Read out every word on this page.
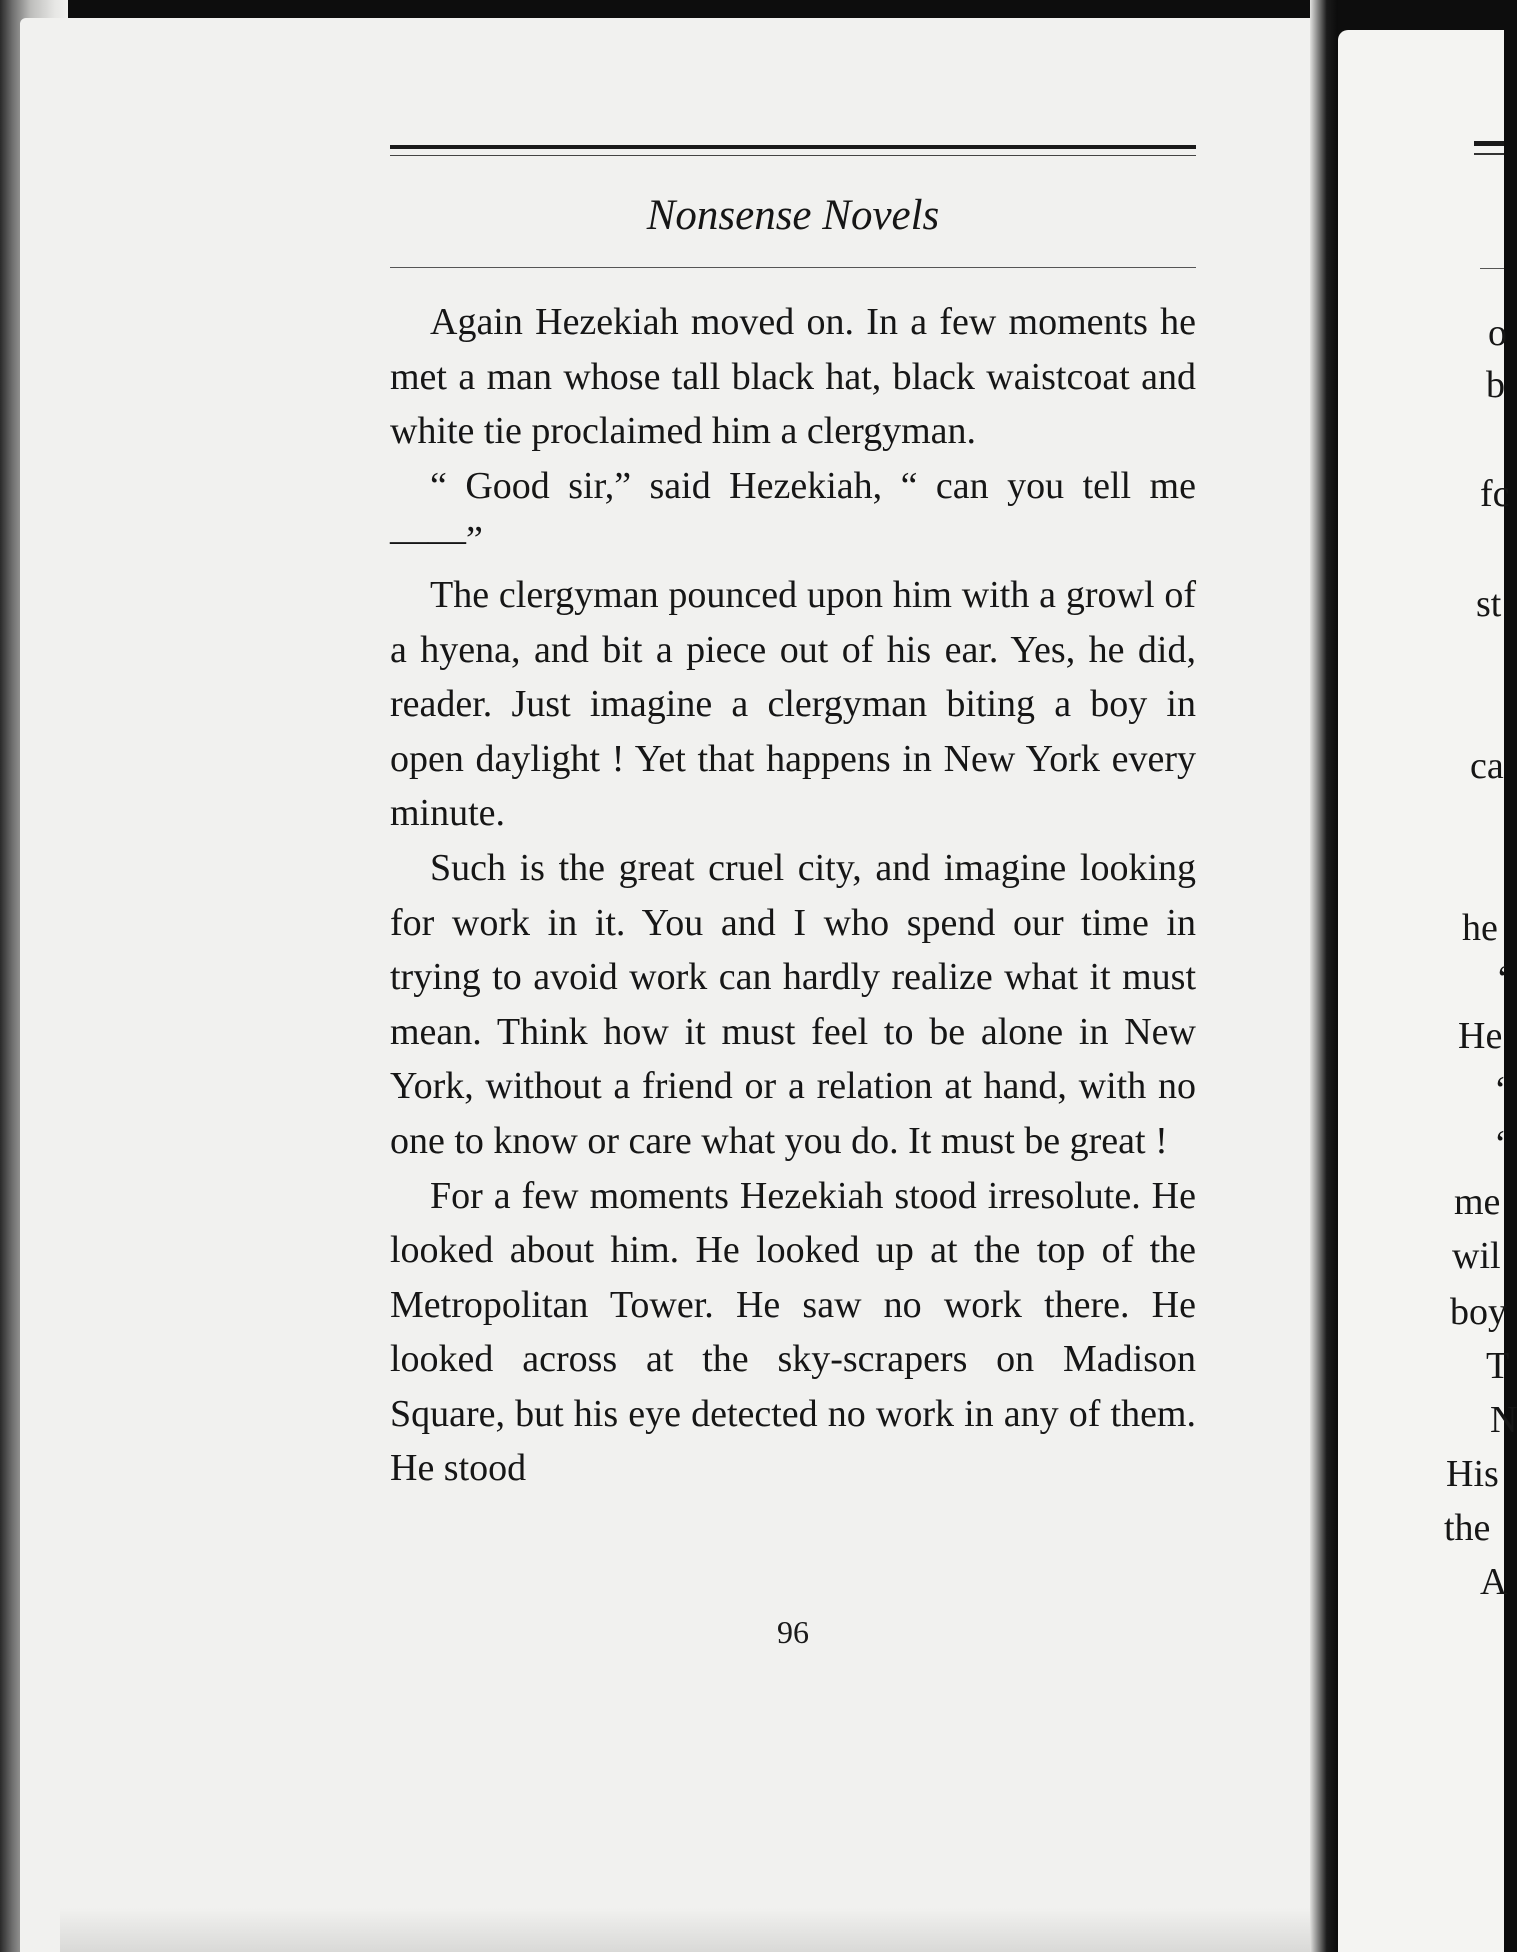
Nonsense Novels

Again Hezekiah moved on. In a few moments he met a man whose tall black hat, black waistcoat and white tie proclaimed him a clergyman.

“ Good sir,” said Hezekiah, “ can you tell me——”

The clergyman pounced upon him with a growl of a hyena, and bit a piece out of his ear. Yes, he did, reader. Just imagine a clergyman biting a boy in open daylight ! Yet that happens in New York every minute.

Such is the great cruel city, and imagine looking for work in it. You and I who spend our time in trying to avoid work can hardly realize what it must mean. Think how it must feel to be alone in New York, without a friend or a relation at hand, with no one to know or care what you do. It must be great !

For a few moments Hezekiah stood irresolute. He looked about him. He looked up at the top of the Metropolitan Tower. He saw no work there. He looked across at the sky-scrapers on Madison Square, but his eye detected no work in any of them. He stood

96
o
b
fc
st
ca
he
‘
He
‘
‘
me
wil
boy
T
N
His
the
A
